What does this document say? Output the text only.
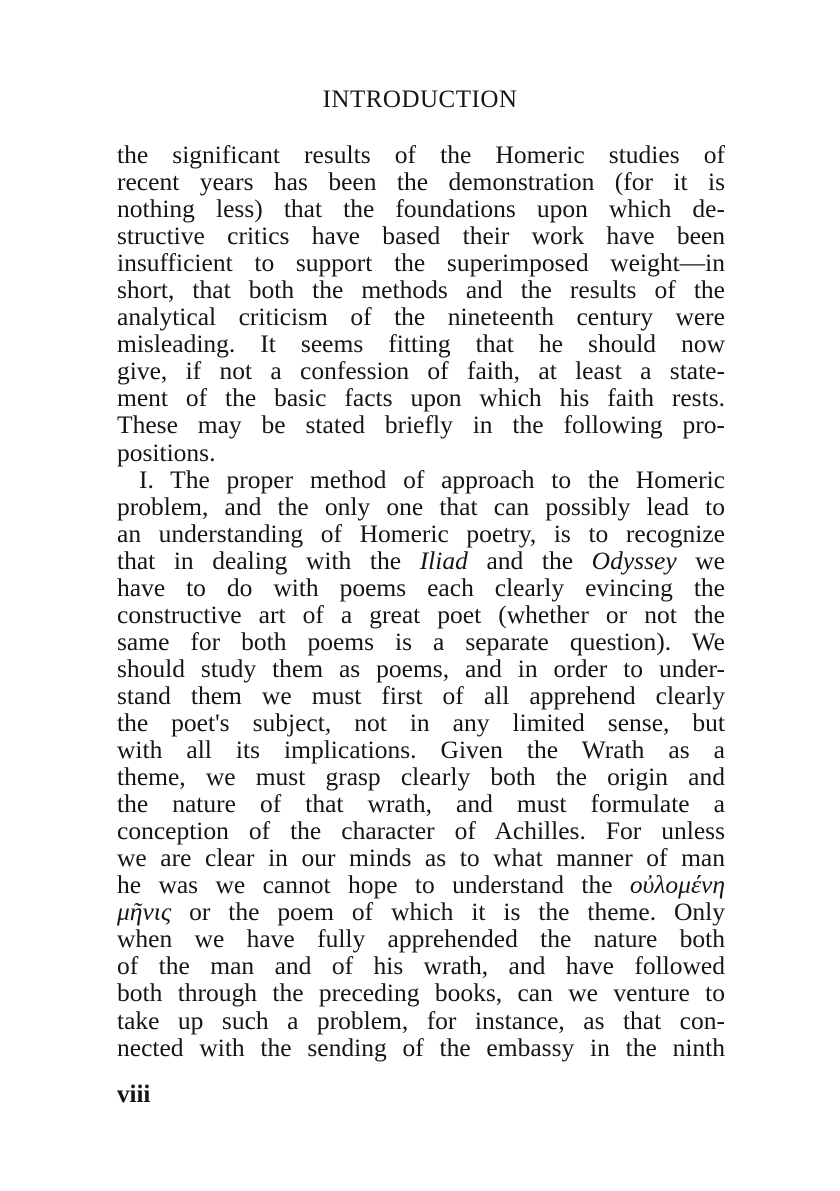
INTRODUCTION
the significant results of the Homeric studies of
recent years has been the demonstration (for it is
nothing less) that the foundations upon which de-
structive critics have based their work have been
insufficient to support the superimposed weight—in
short, that both the methods and the results of the
analytical criticism of the nineteenth century were
misleading. It seems fitting that he should now
give, if not a confession of faith, at least a state-
ment of the basic facts upon which his faith rests.
These may be stated briefly in the following pro-
positions.
I. The proper method of approach to the Homeric
problem, and the only one that can possibly lead to
an understanding of Homeric poetry, is to recognize
that in dealing with the Iliad and the Odyssey we
have to do with poems each clearly evincing the
constructive art of a great poet (whether or not the
same for both poems is a separate question). We
should study them as poems, and in order to under-
stand them we must first of all apprehend clearly
the poet's subject, not in any limited sense, but
with all its implications. Given the Wrath as a
theme, we must grasp clearly both the origin and
the nature of that wrath, and must formulate a
conception of the character of Achilles. For unless
we are clear in our minds as to what manner of man
he was we cannot hope to understand the οὐλομένη
μῆνις or the poem of which it is the theme. Only
when we have fully apprehended the nature both
of the man and of his wrath, and have followed
both through the preceding books, can we venture to
take up such a problem, for instance, as that con-
nected with the sending of the embassy in the ninth
viii
